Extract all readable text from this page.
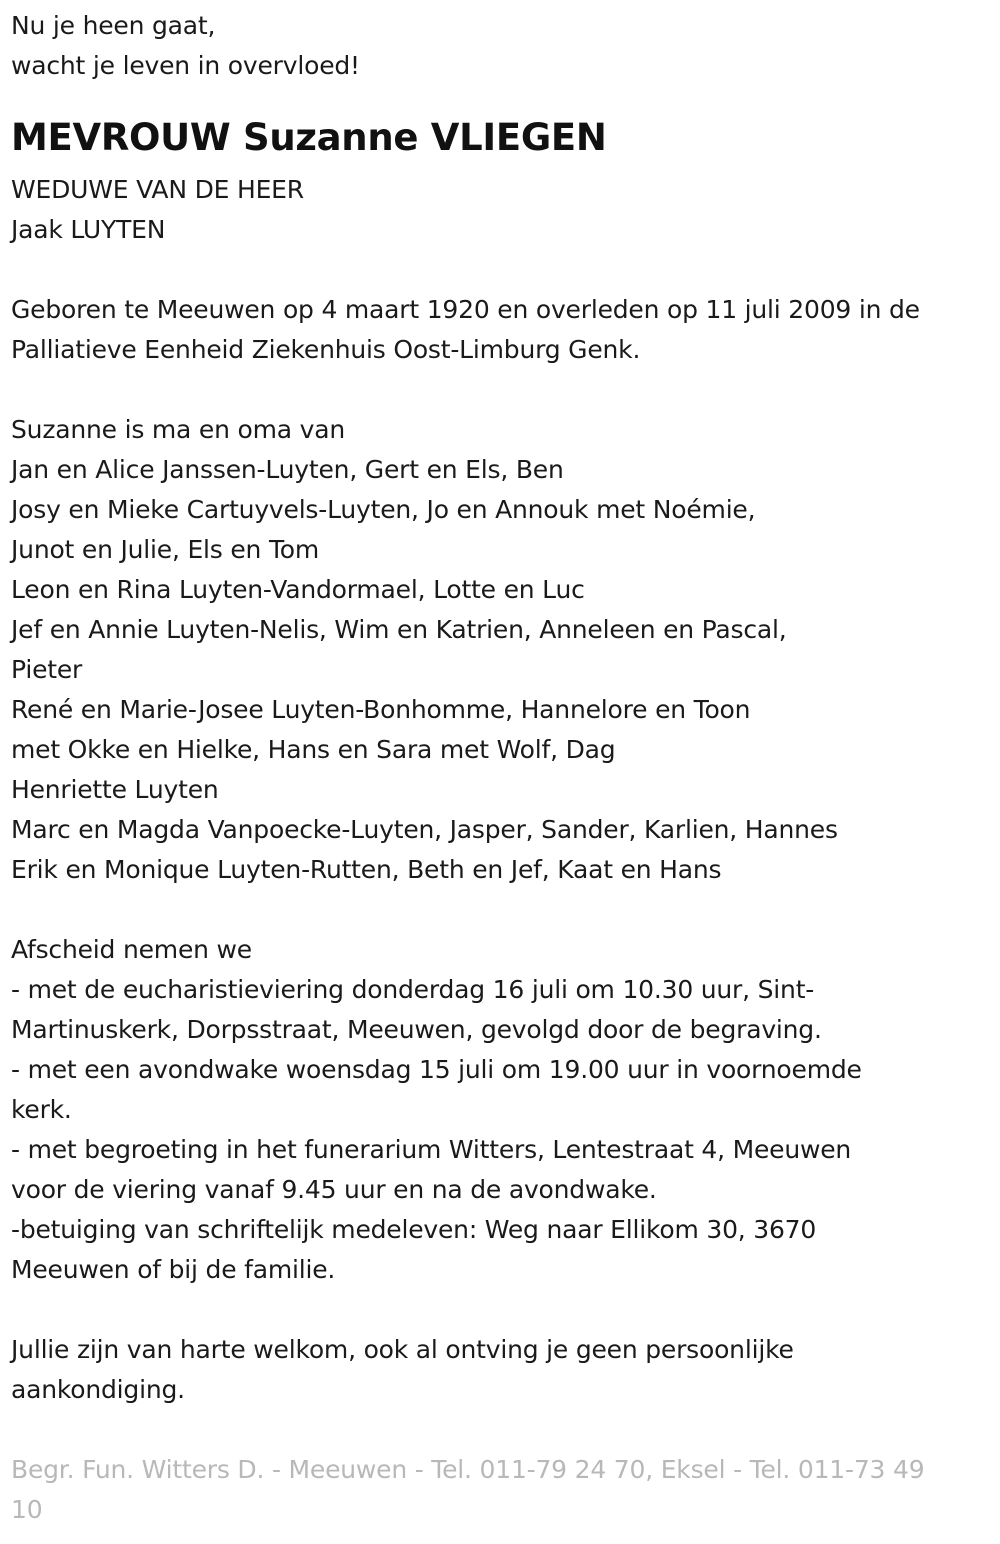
Nu je heen gaat,
wacht je leven in overvloed!
MEVROUW Suzanne VLIEGEN
WEDUWE VAN DE HEER
Jaak LUYTEN
Geboren te Meeuwen op 4 maart 1920 en overleden op 11 juli 2009 in de
Palliatieve Eenheid Ziekenhuis Oost-Limburg Genk.
Suzanne is ma en oma van
Jan en Alice Janssen-Luyten, Gert en Els, Ben
Josy en Mieke Cartuyvels-Luyten, Jo en Annouk met Noémie,
Junot en Julie, Els en Tom
Leon en Rina Luyten-Vandormael, Lotte en Luc
Jef en Annie Luyten-Nelis, Wim en Katrien, Anneleen en Pascal,
Pieter
René en Marie-Josee Luyten-Bonhomme, Hannelore en Toon
met Okke en Hielke, Hans en Sara met Wolf, Dag
Henriette Luyten
Marc en Magda Vanpoecke-Luyten, Jasper, Sander, Karlien, Hannes
Erik en Monique Luyten-Rutten, Beth en Jef, Kaat en Hans
Afscheid nemen we
- met de eucharistieviering donderdag 16 juli om 10.30 uur, Sint-
Martinuskerk, Dorpsstraat, Meeuwen, gevolgd door de begraving.
- met een avondwake woensdag 15 juli om 19.00 uur in voornoemde
kerk.
- met begroeting in het funerarium Witters, Lentestraat 4, Meeuwen
voor de viering vanaf 9.45 uur en na de avondwake.
-betuiging van schriftelijk medeleven: Weg naar Ellikom 30, 3670
Meeuwen of bij de familie.
Jullie zijn van harte welkom, ook al ontving je geen persoonlijke
aankondiging.
Begr. Fun. Witters D. - Meeuwen - Tel. 011-79 24 70, Eksel - Tel. 011-73 49
10
